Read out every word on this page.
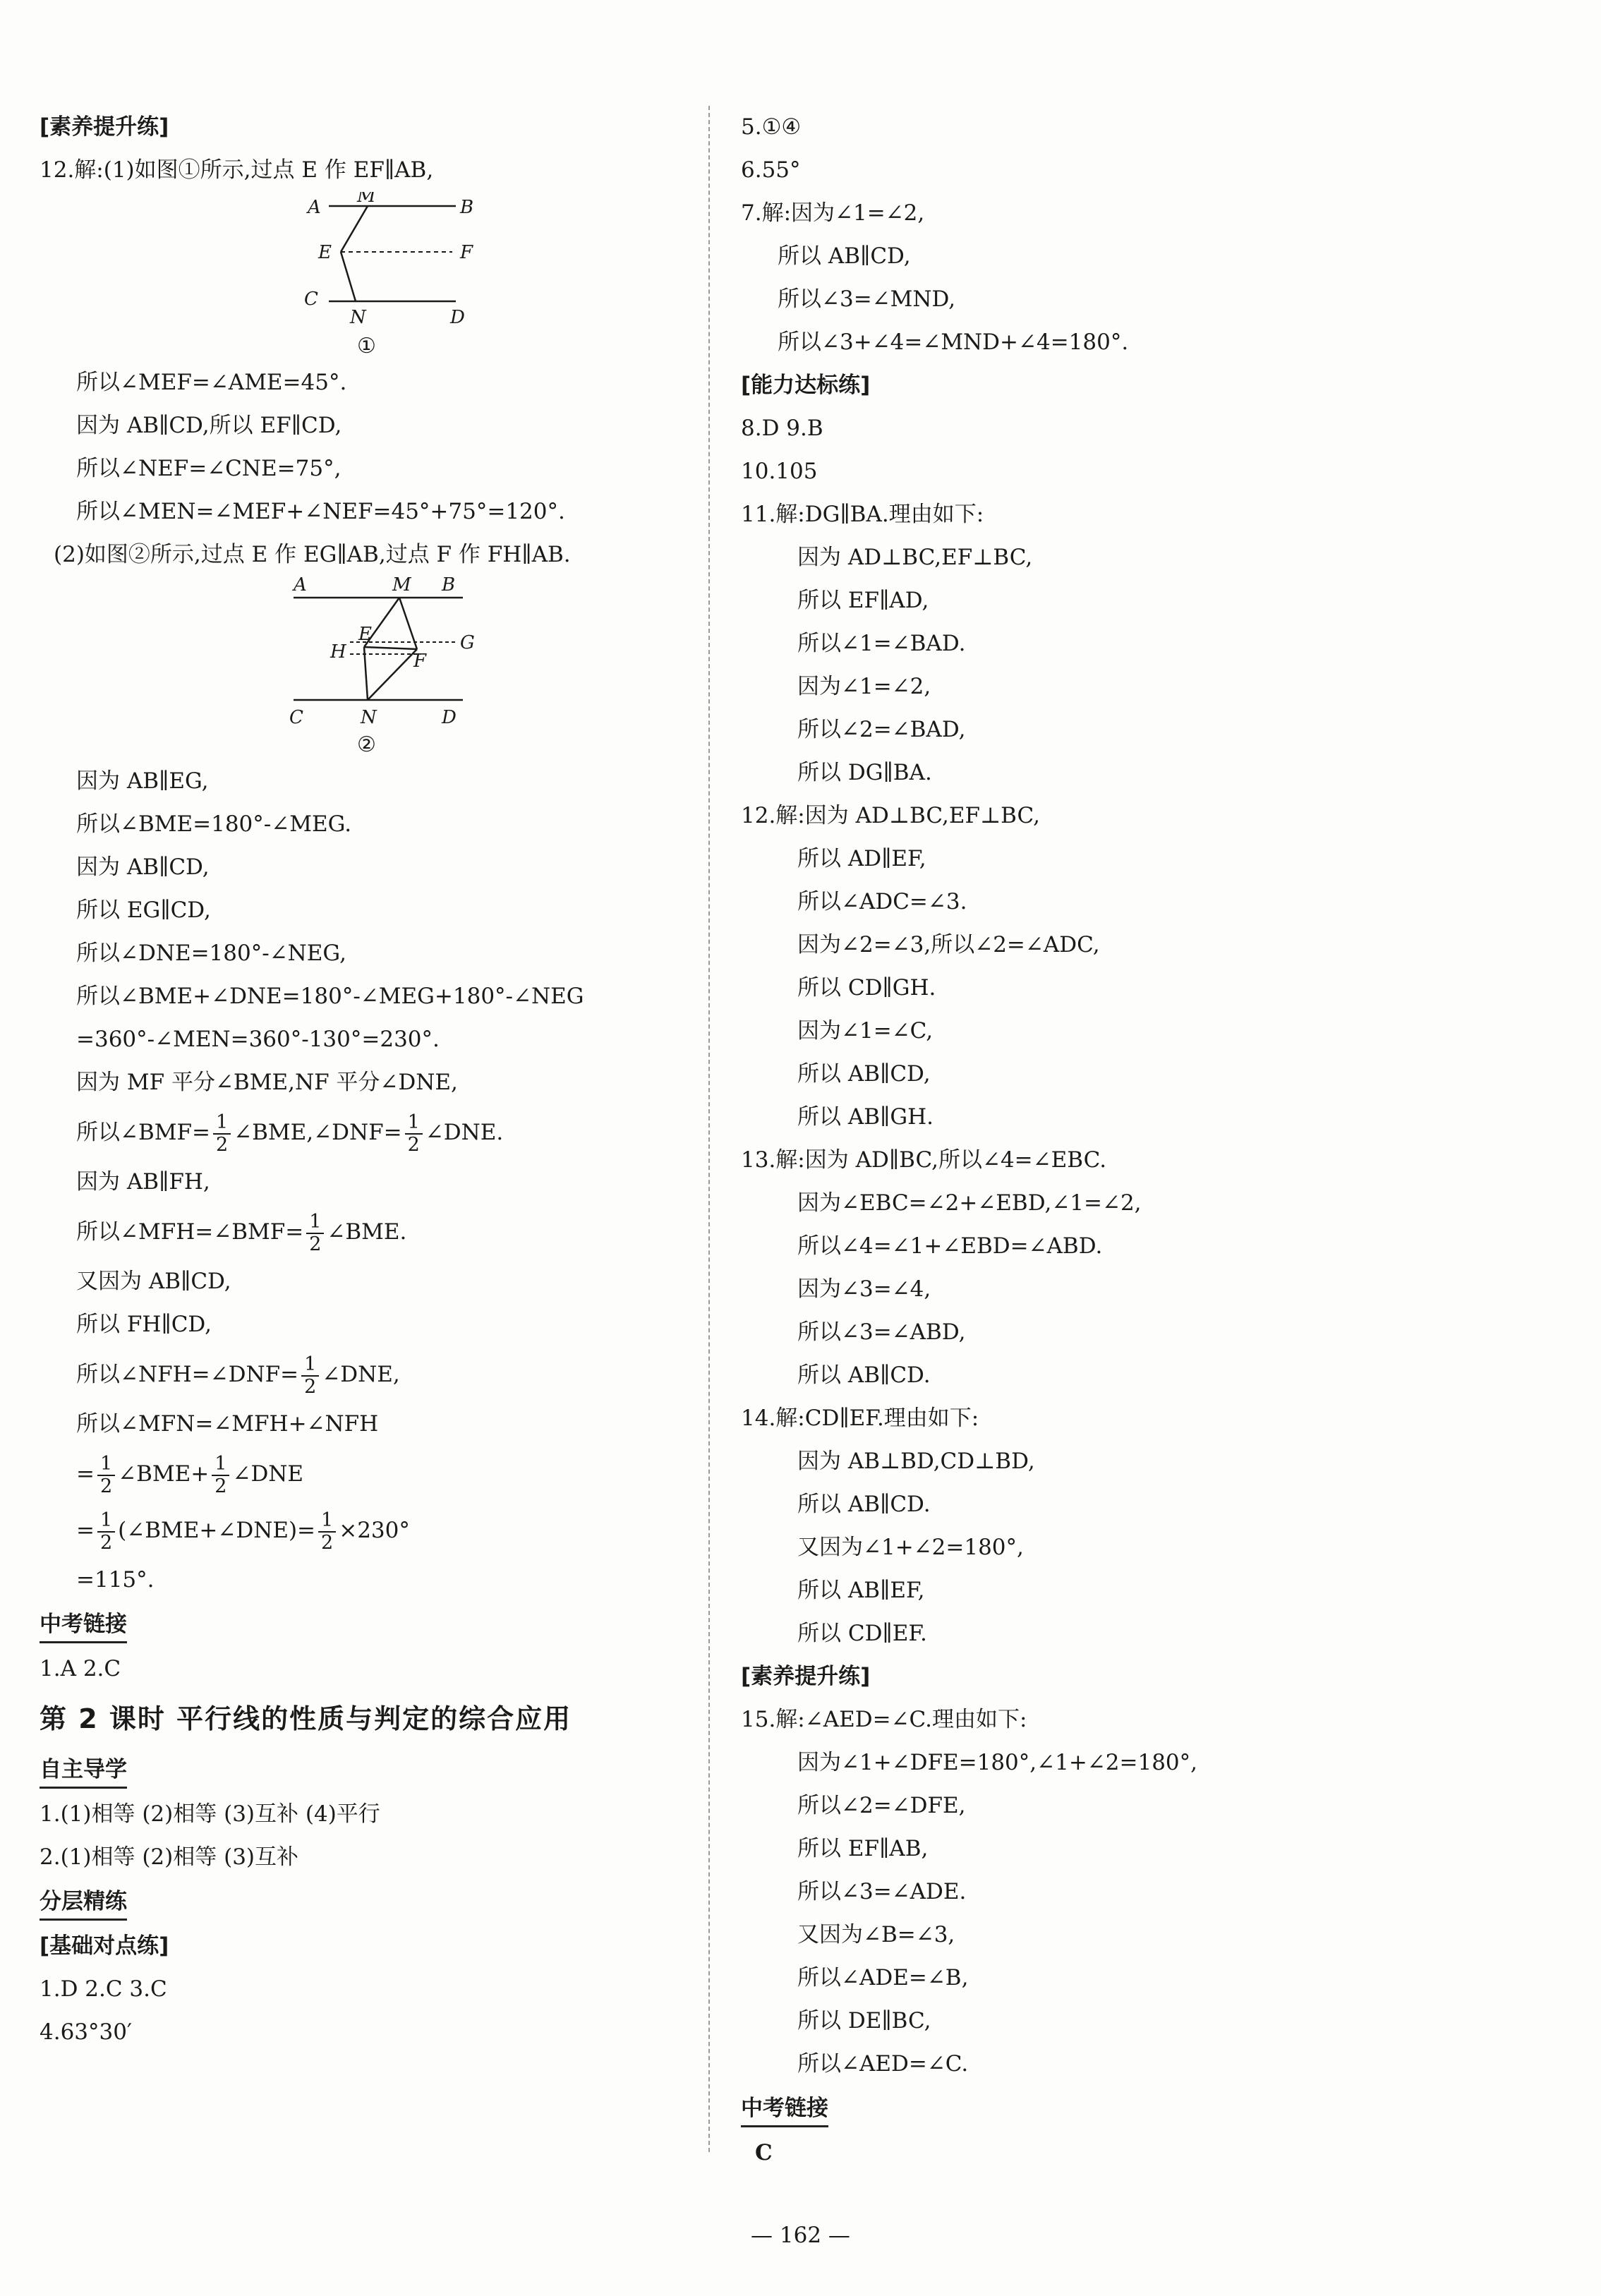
[素养提升练]
12.解:(1)如图①所示,过点 E 作 EF∥AB,
A
M
B
E	F
C
N	D
①
所以∠MEF=∠AME=45°.
因为 AB∥CD,所以 EF∥CD,
所以∠NEF=∠CNE=75°,
所以∠MEN=∠MEF+∠NEF=45°+75°=120°.
(2)如图②所示,过点 E 作 EG∥AB,过点 F 作 FH∥AB.
A	M B
H
E	G
F
C	N	D
②
因为 AB∥EG,
所以∠BME=180°-∠MEG.
因为 AB∥CD,
所以 EG∥CD,
所以∠DNE=180°-∠NEG,
所以∠BME+∠DNE=180°-∠MEG+180°-∠NEG
=360°-∠MEN=360°-130°=230°.
因为 MF 平分∠BME,NF 平分∠DNE,
所以∠BMF= $\frac{1}{2}$ ∠BME,∠DNF= $\frac{1}{2}$ ∠DNE.
因为 AB∥FH,
所以∠MFH=∠BMF= $\frac{1}{2}$ ∠BME.
又因为 AB∥CD,
所以 FH∥CD,
所以∠NFH=∠DNF= $\frac{1}{2}$ ∠DNE,
所以∠MFN=∠MFH+∠NFH
= $\frac{1}{2}$ ∠BME+ $\frac{1}{2}$ ∠DNE
= $\frac{1}{2}$ (∠BME+∠DNE)= $\frac{1}{2} \times 230^\circ$
=115°.
中考链接
1.A 2.C
第 2 课时 平行线的性质与判定的综合应用
自主导学
1.(1)相等 (2)相等 (3)互补 (4)平行
2.(1)相等 (2)相等 (3)互补
分层精练
[基础对点练]
1.D 2.C 3.C
4.63°30′
5.①④
6.55°
7.解:因为∠1=∠2,
所以 AB∥CD,
所以∠3=∠MND,
所以∠3+∠4=∠MND+∠4=180°.
[能力达标练]
8.D 9.B
10.105
11.解:DG∥BA.理由如下:
因为 AD⊥BC,EF⊥BC,
所以 EF∥AD,
所以∠1=∠BAD.
因为∠1=∠2,
所以∠2=∠BAD,
所以 DG∥BA.
12.解:因为 AD⊥BC,EF⊥BC,
所以 AD∥EF,
所以∠ADC=∠3.
因为∠2=∠3,所以∠2=∠ADC,
所以 CD∥GH.
因为∠1=∠C,
所以 AB∥CD,
所以 AB∥GH.
13.解:因为 AD∥BC,所以∠4=∠EBC.
因为∠EBC=∠2+∠EBD,∠1=∠2,
所以∠4=∠1+∠EBD=∠ABD.
因为∠3=∠4,
所以∠3=∠ABD,
所以 AB∥CD.
14.解:CD∥EF.理由如下:
因为 AB⊥BD,CD⊥BD,
所以 AB∥CD.
又因为∠1+∠2=180°,
所以 AB∥EF,
所以 CD∥EF.
[素养提升练]
15.解:∠AED=∠C.理由如下:
因为∠1+∠DFE=180°,∠1+∠2=180°,
所以∠2=∠DFE,
所以 EF∥AB,
所以∠3=∠ADE.
又因为∠B=∠3,
所以∠ADE=∠B,
所以 DE∥BC,
所以∠AED=∠C.
中考链接
C
— 162 —
